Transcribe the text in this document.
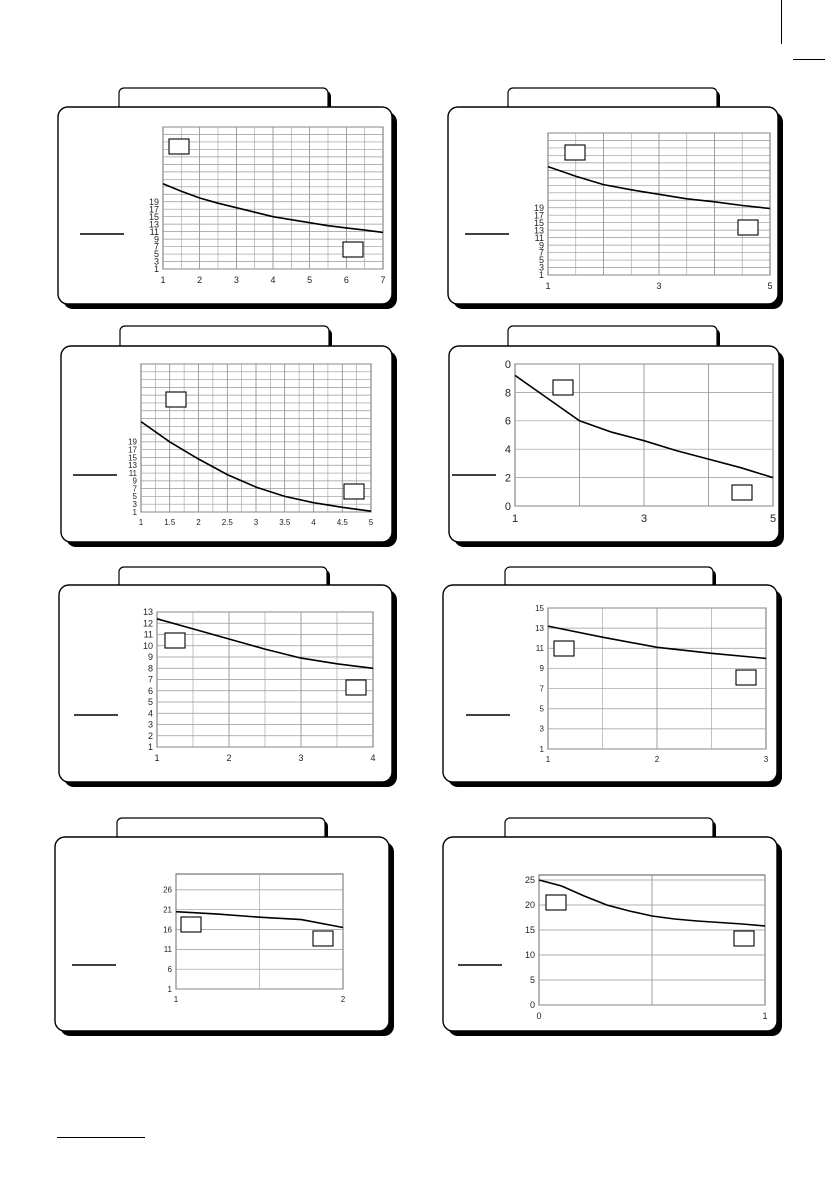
1	2	3	4	5	6	7
1
3
5
7
9
11
13
15
17
19
1	3	5
1
3
5
7
9
11
13
15
17
19
1	1.5	2	2.5	3	3.5	4	4.5	5
1
3
5
7
9
11
13
15
17
19
1	3	5
0
2
4
6
8
0
1	2	3	4
1
2
3
4
5
6
7
8
9
10
11
12
13
1	2	3
1
3
5
7
9
11
13
15
1	2
1
6
11
16
21
26
0	1
0
5
10
15
20
25
